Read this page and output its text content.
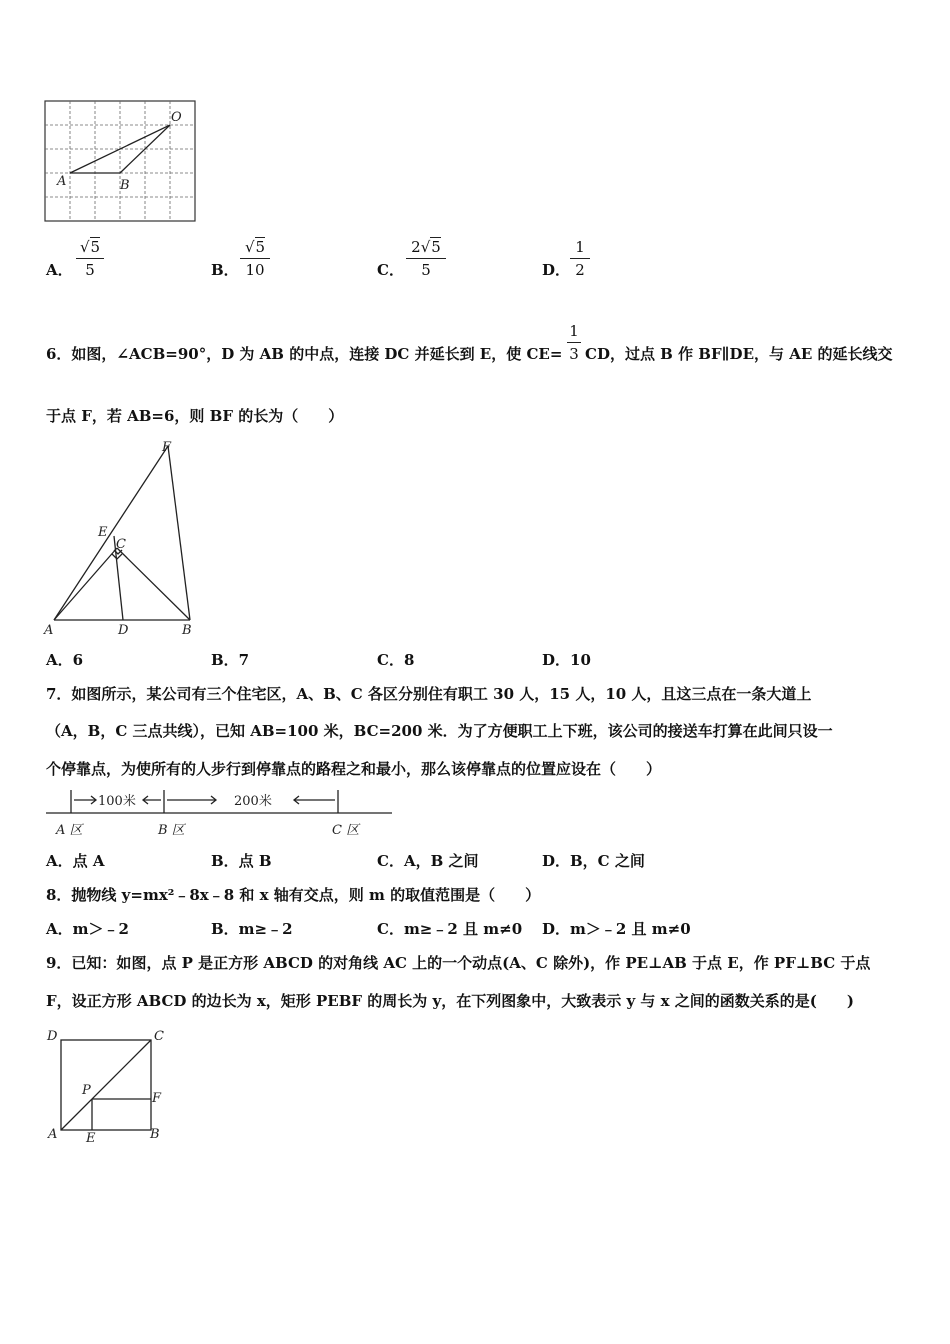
O
A	B
A． $\frac{√5}{5}$	B． $\frac{√5}{10}$	C． $\frac{2√5}{5}$	D． $\frac{1}{2}$
6．如图，∠ACB=90°，D 为 AB 的中点，连接 DC 并延长到 E，使 $CE= \frac{1}{3}$ CD，过点 B 作 BF∥DE，与 AE 的延长线交
于点 F，若 AB=6，则 BF 的长为（　　）
F
E
C
A	D	B
A．6	B．7	C．8	D．10
7．如图所示，某公司有三个住宅区，A、B、C 各区分别住有职工 30 人，15 人，10 人，且这三点在一条大道上
（A，B，C 三点共线），已知 AB=100 米，BC=200 米．为了方便职工上下班，该公司的接送车打算在此间只设一
个停靠点，为使所有的人步行到停靠点的路程之和最小，那么该停靠点的位置应设在（　　）
100米	200米
A 区	B 区	C 区
A．点 A	B．点 B	C．A，B 之间	D．B，C 之间
8．抛物线 y=mx²﹣8x﹣8 和 x 轴有交点，则 m 的取值范围是（　　）
A．m＞﹣2	B．m≥﹣2	C．m≥﹣2 且 m≠0 D．m＞﹣2 且 m≠0
9．已知：如图，点 P 是正方形 ABCD 的对角线 AC 上的一个动点(A、C 除外)，作 PE⊥AB 于点 E，作 PF⊥BC 于点
F，设正方形 ABCD 的边长为 x，矩形 PEBF 的周长为 y，在下列图象中，大致表示 y 与 x 之间的函数关系的是(　　)
D	C
P
F
A E	B
